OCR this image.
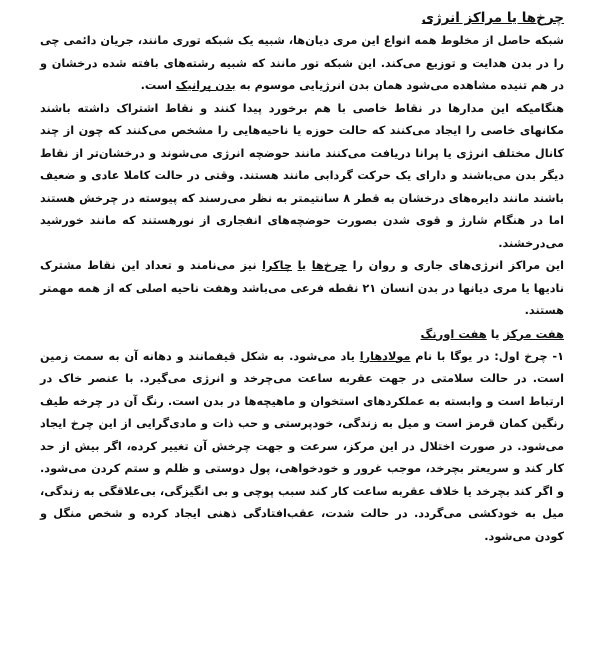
چرخ‌ها یا مراکز انرژی

شبکه حاصل از مخلوط همه انواع این مری دیان‌ها، شبیه یک شبکه توری مانند، جریان دائمی چی را در بدن هدایت و توزیع می‌کند. این شبکه تور مانند که شبیه رشته‌های بافته شده درخشان و در هم تنیده مشاهده می‌شود همان بدن انرژیایی موسوم به بدن پرانیک است.

هنگامیکه این مدارها در نقاط خاصی با هم برخورد پیدا کنند و نقاط اشتراک داشته باشند مکانهای خاصی را ایجاد می‌کنند که حالت حوزه یا ناحیه‌هایی را مشخص می‌کنند که چون از چند کانال مختلف انرژی یا پرانا دریافت می‌کنند مانند حوضچه انرژی می‌شوند و درخشان‌تر از نقاط دیگر بدن می‌باشند و دارای یک حرکت گردابی مانند هستند. وقتی در حالت کاملا عادی و ضعیف باشند مانند دایره‌های درخشان به قطر ۸ سانتیمتر به نظر می‌رسند که پیوسته در چرخش هستند اما در هنگام شارژ و قوی شدن بصورت حوضچه‌های انفجاری از نورهستند که مانند خورشید می‌درخشند.

این مراکز انرژی‌های جاری و روان را چرخ‌ها یا چاکرا نیز می‌نامند و تعداد این نقاط مشترک نادیها یا مری دیانها در بدن انسان ۲۱ نقطه فرعی می‌باشد وهفت ناحیه اصلی که از همه مهمتر هستند.

هفت مرکز یا هفت اورنگ

۱- چرخ اول: در یوگا با نام مولادهارا یاد می‌شود. به شکل قیفمانند و دهانه آن به سمت زمین است. در حالت سلامتی در جهت عقربه ساعت می‌چرخد و انرژی می‌گیرد. با عنصر خاک در ارتباط است و وابسته به عملکردهای استخوان و ماهیچه‌ها در بدن است. رنگ آن در چرخه طیف رنگین کمان قرمز است و میل به زندگی، خودپرستی و حب ذات و مادی‌گرایی از این چرخ ایجاد می‌شود. در صورت اختلال در این مرکز، سرعت و جهت چرخش آن تغییر کرده، اگر بیش از حد کار کند و سریعتر بچرخد، موجب غرور و خودخواهی، پول دوستی و ظلم و ستم کردن می‌شود. و اگر کند بچرخد یا خلاف عقربه ساعت کار کند سبب پوچی و بی انگیزگی، بی‌علاقگی به زندگی، میل به خودکشی می‌گردد. در حالت شدت، عقب‌افتادگی ذهنی ایجاد کرده و شخص منگل و کودن می‌شود.
